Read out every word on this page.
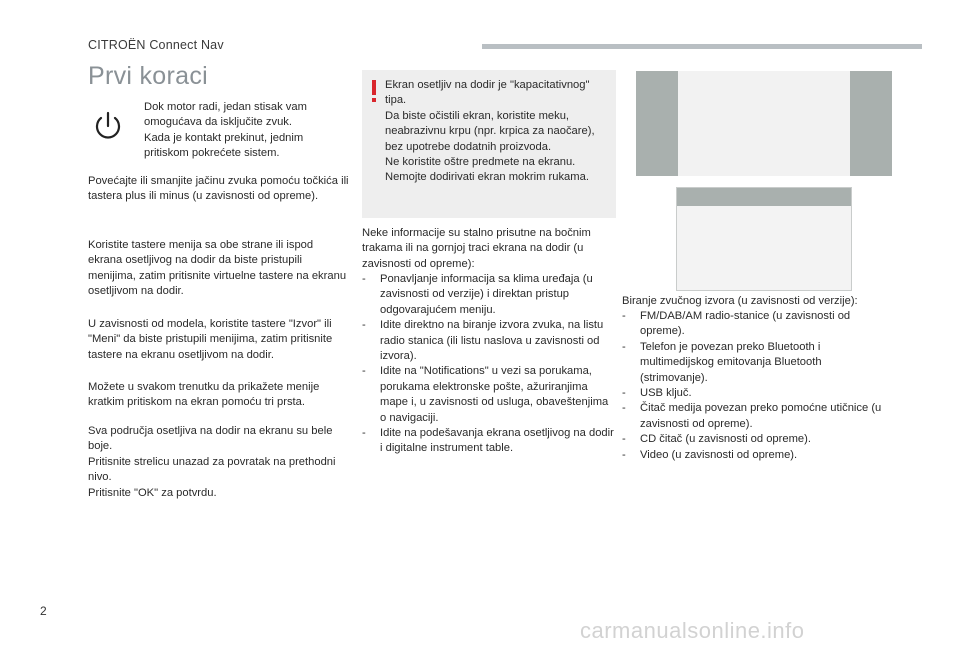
CITROËN Connect Nav
Prvi koraci
Dok motor radi, jedan stisak vam omogućava da isključite zvuk.
Kada je kontakt prekinut, jednim pritiskom pokrećete sistem.
Povećajte ili smanjite jačinu zvuka pomoću točkića ili tastera plus ili minus (u zavisnosti od opreme).
Koristite tastere menija sa obe strane ili ispod ekrana osetljivog na dodir da biste pristupili menijima, zatim pritisnite virtuelne tastere na ekranu osetljivom na dodir.
U zavisnosti od modela, koristite tastere "Izvor" ili "Meni" da biste pristupili menijima, zatim pritisnite tastere na ekranu osetljivom na dodir.
Možete u svakom trenutku da prikažete menije kratkim pritiskom na ekran pomoću tri prsta.
Sva područja osetljiva na dodir na ekranu su bele boje.
Pritisnite strelicu unazad za povratak na prethodni nivo.
Pritisnite "OK" za potvrdu.
Ekran osetljiv na dodir je "kapacitativnog" tipa.
Da biste očistili ekran, koristite meku, neabrazivnu krpu (npr. krpica za naočare), bez upotrebe dodatnih proizvoda.
Ne koristite oštre predmete na ekranu.
Nemojte dodirivati ekran mokrim rukama.
Neke informacije su stalno prisutne na bočnim trakama ili na gornjoj traci ekrana na dodir (u zavisnosti od opreme):
- Ponavljanje informacija sa klima uređaja (u zavisnosti od verzije) i direktan pristup odgovarajućem meniju.
- Idite direktno na biranje izvora zvuka, na listu radio stanica (ili listu naslova u zavisnosti od izvora).
- Idite na "Notifications" u vezi sa porukama, porukama elektronske pošte, ažuriranjima mape i, u zavisnosti od usluga, obaveštenjima o navigaciji.
- Idite na podešavanja ekrana osetljivog na dodir i digitalne instrument table.
Biranje zvučnog izvora (u zavisnosti od verzije):
- FM/DAB/AM radio-stanice (u zavisnosti od opreme).
- Telefon je povezan preko Bluetooth i multimedijskog emitovanja Bluetooth (strimovanje).
- USB ključ.
- Čitač medija povezan preko pomoćne utičnice (u zavisnosti od opreme).
- CD čitač (u zavisnosti od opreme).
- Video (u zavisnosti od opreme).
2
carmanualsonline.info
